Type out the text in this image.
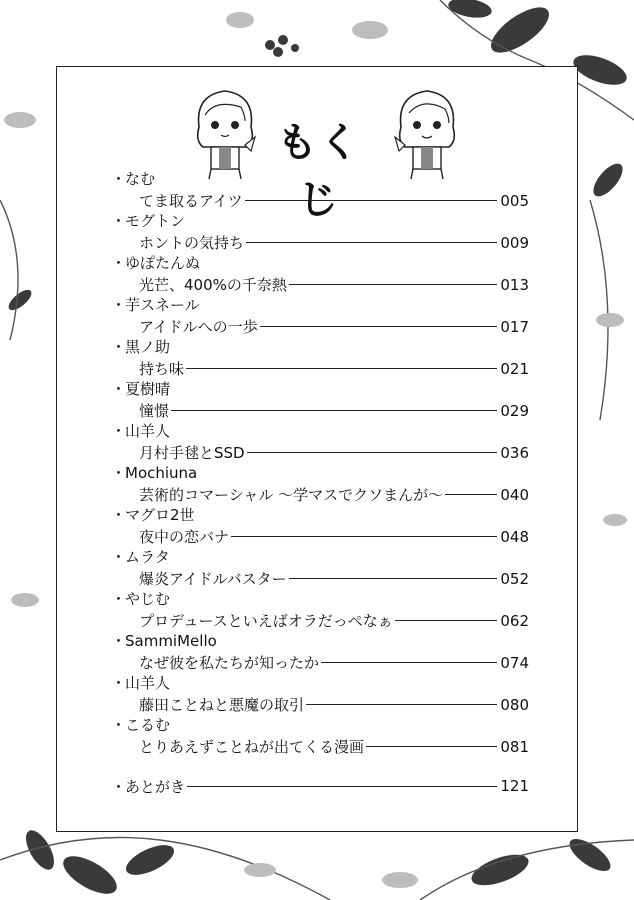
もくじ
・なむ
てま取るアイツ	005
・モグトン
ホントの気持ち	009
・ゆぽたんぬ
光芒、400%の千奈熱	013
・芋スネール
アイドルへの一歩	017
・黒ノ助
持ち味	021
・夏樹晴
憧憬	029
・山羊人
月村手毬とSSD	036
・Mochiuna
芸術的コマーシャル ～学マスでクソまんが～	040
・マグロ2世
夜中の恋バナ	048
・ムラタ
爆炎アイドルバスター	052
・やじむ
プロデュースといえばオラだっぺなぁ	062
・SammiMello
なぜ彼を私たちが知ったか	074
・山羊人
藤田ことねと悪魔の取引	080
・こるむ
とりあえずことねが出てくる漫画	081
・あとがき	121
